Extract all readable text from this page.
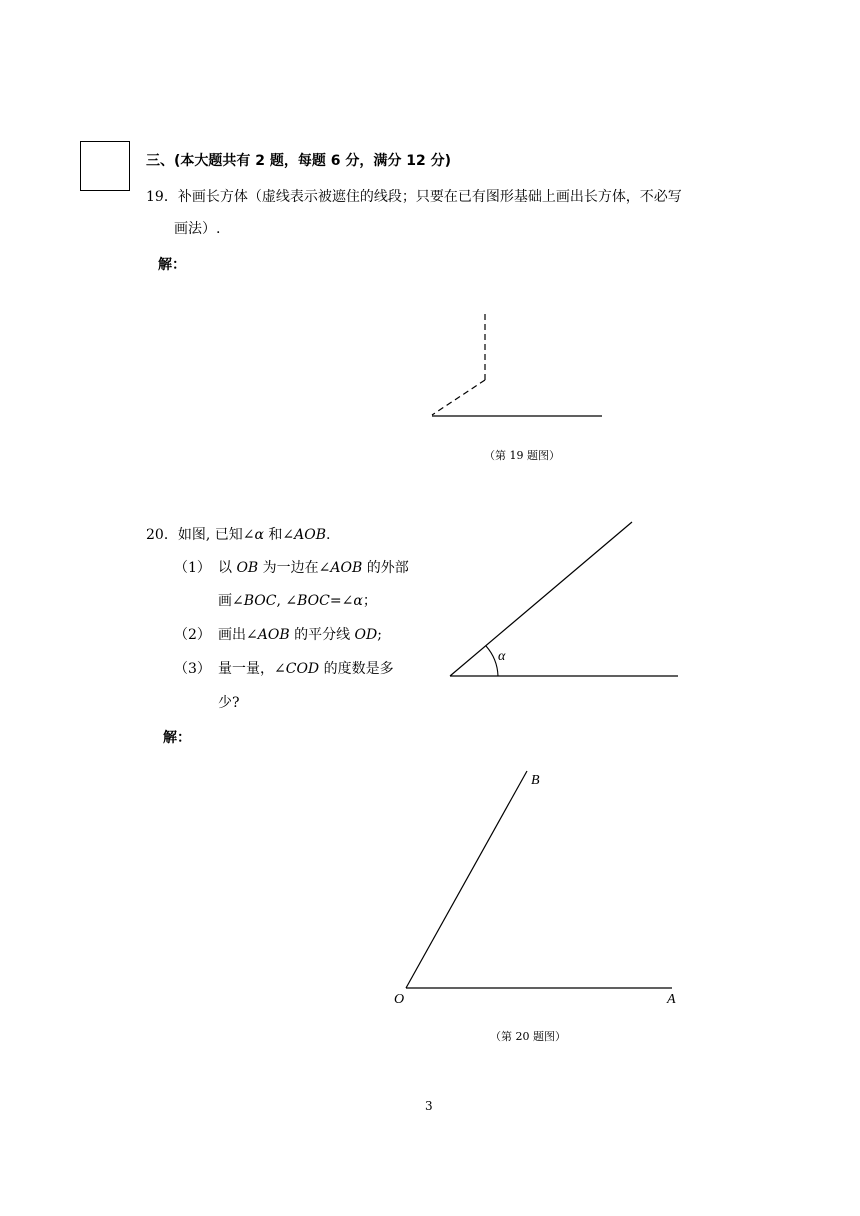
三、(本大题共有 2 题，每题 6 分，满分 12 分)
19．补画长方体（虚线表示被遮住的线段；只要在已有图形基础上画出长方体，不必写
画法）.
解：
α
B
O	A
（第 19 题图）
20．如图, 已知∠α 和∠AOB.
（1） 以 OB 为一边在∠AOB 的外部
画∠BOC, ∠BOC=∠α；
（2） 画出∠AOB 的平分线 OD;
（3） 量一量，∠COD 的度数是多
少?
解：
（第 20 题图）
3
